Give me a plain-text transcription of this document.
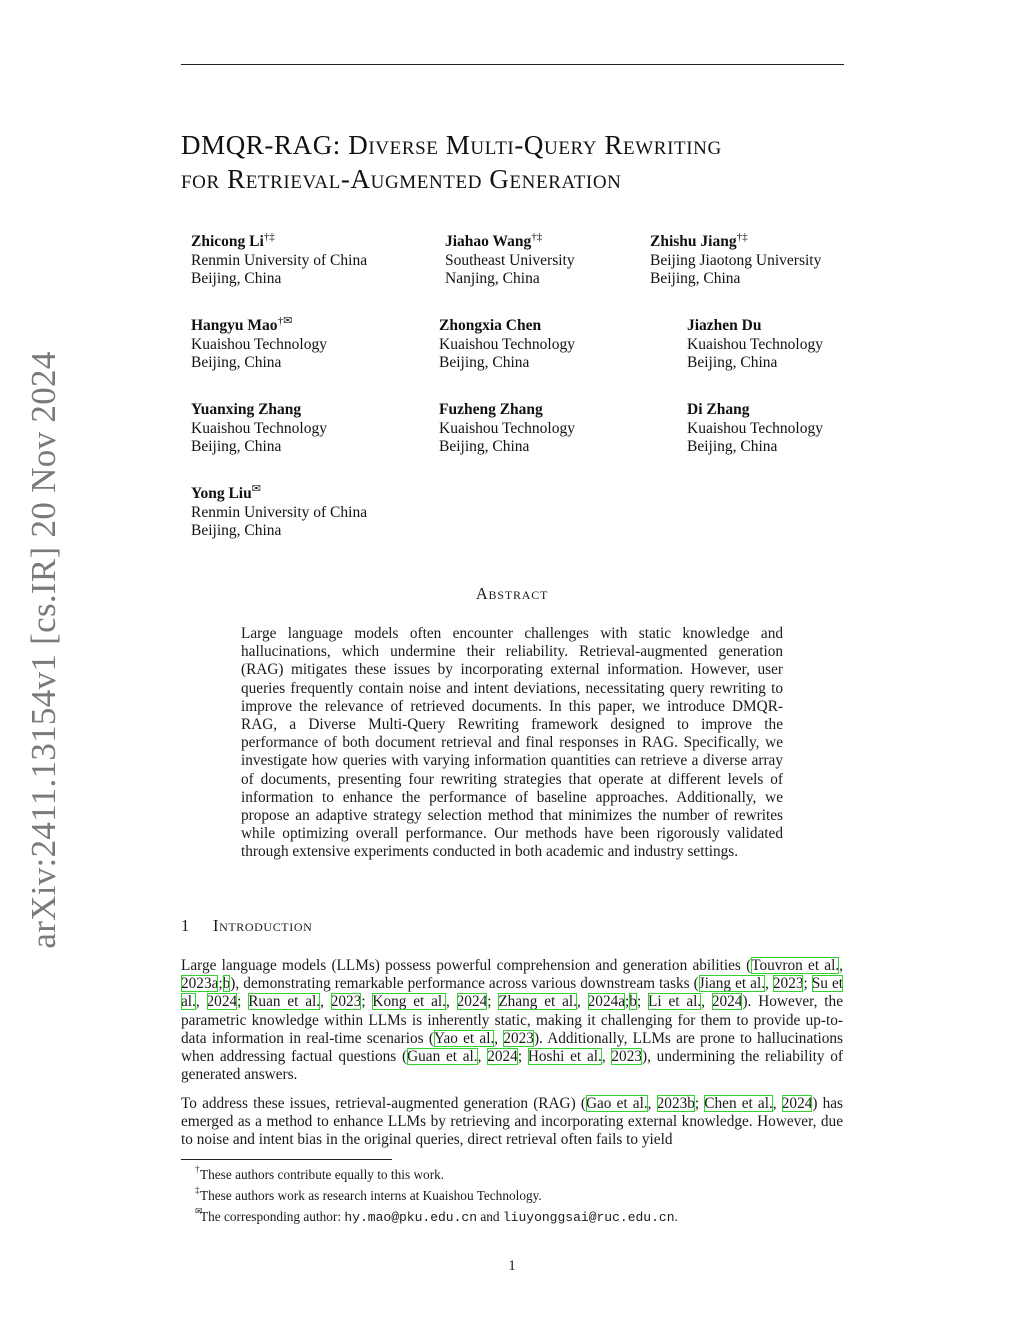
arXiv:2411.13154v1 [cs.IR] 20 Nov 2024
DMQR-RAG: Diverse Multi-Query Rewriting
for Retrieval-Augmented Generation
Zhicong Li†‡
Renmin University of China
Beijing, China
Jiahao Wang†‡
Southeast University
Nanjing, China
Zhishu Jiang†‡
Beijing Jiaotong University
Beijing, China
Hangyu Mao†✉
Kuaishou Technology
Beijing, China
Zhongxia Chen
Kuaishou Technology
Beijing, China
Jiazhen Du
Kuaishou Technology
Beijing, China
Yuanxing Zhang
Kuaishou Technology
Beijing, China
Fuzheng Zhang
Kuaishou Technology
Beijing, China
Di Zhang
Kuaishou Technology
Beijing, China
Yong Liu✉
Renmin University of China
Beijing, China
Abstract
Large language models often encounter challenges with static knowledge and hallucinations, which undermine their reliability. Retrieval-augmented generation (RAG) mitigates these issues by incorporating external information. However, user queries frequently contain noise and intent deviations, necessitating query rewriting to improve the relevance of retrieved documents. In this paper, we introduce DMQR-RAG, a Diverse Multi-Query Rewriting framework designed to improve the performance of both document retrieval and final responses in RAG. Specifically, we investigate how queries with varying information quantities can retrieve a diverse array of documents, presenting four rewriting strategies that operate at different levels of information to enhance the performance of baseline approaches. Additionally, we propose an adaptive strategy selection method that minimizes the number of rewrites while optimizing overall performance. Our methods have been rigorously validated through extensive experiments conducted in both academic and industry settings.
1 Introduction
Large language models (LLMs) possess powerful comprehension and generation abilities (Touvron et al., 2023a;b), demonstrating remarkable performance across various downstream tasks (Jiang et al., 2023; Su et al., 2024; Ruan et al., 2023; Kong et al., 2024; Zhang et al., 2024a;b; Li et al., 2024). However, the parametric knowledge within LLMs is inherently static, making it challenging for them to provide up-to-data information in real-time scenarios (Yao et al., 2023). Additionally, LLMs are prone to hallucinations when addressing factual questions (Guan et al., 2024; Hoshi et al., 2023), undermining the reliability of generated answers.
To address these issues, retrieval-augmented generation (RAG) (Gao et al., 2023b; Chen et al., 2024) has emerged as a method to enhance LLMs by retrieving and incorporating external knowledge. However, due to noise and intent bias in the original queries, direct retrieval often fails to yield
† These authors contribute equally to this work.
‡ These authors work as research interns at Kuaishou Technology.
✉
The corresponding author: hy.mao@pku.edu.cn and liuyonggsai@ruc.edu.cn.
1
